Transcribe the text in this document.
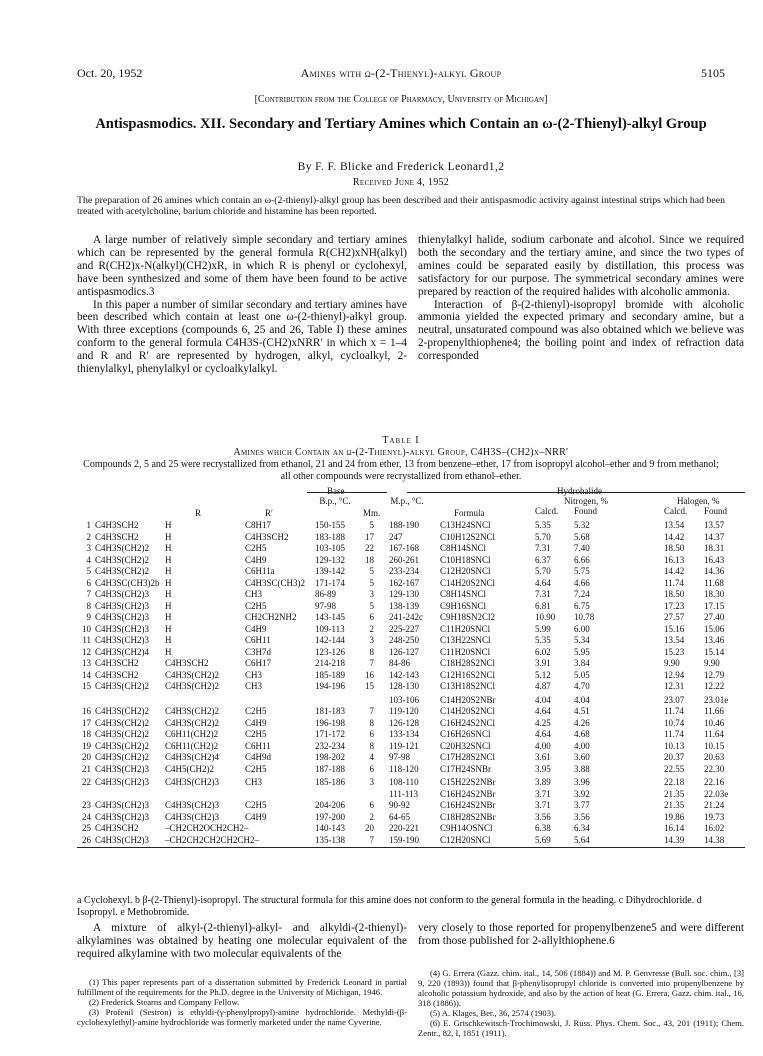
Oct. 20, 1952	Amines with ω-(2-Thienyl)-alkyl Group	5105
[Contribution from the College of Pharmacy, University of Michigan]
Antispasmodics. XII. Secondary and Tertiary Amines which Contain an ω-(2-Thienyl)-alkyl Group
By F. F. Blicke and Frederick Leonard1,2
Received June 4, 1952
The preparation of 26 amines which contain an ω-(2-thienyl)-alkyl group has been described and their antispasmodic activity against intestinal strips which had been treated with acetylcholine, barium chloride and histamine has been reported.

A large number of relatively simple secondary and tertiary amines which can be represented by the general formula R(CH2)xNH(alkyl) and R(CH2)x-N(alkyl)(CH2)xR, in which R is phenyl or cyclohexyl, have been synthesized and some of them have been found to be active antispasmodics.3

In this paper a number of similar secondary and tertiary amines have been described which contain at least one ω-(2-thienyl)-alkyl group. With three exceptions (compounds 6, 25 and 26, Table I) these amines conform to the general formula C4H3S-(CH2)xNRR′ in which x = 1–4 and R and R′ are represented by hydrogen, alkyl, cycloalkyl, 2-thienylalkyl, phenylalkyl or cycloalkylalkyl.

thienylalkyl halide, sodium carbonate and alcohol. Since we required both the secondary and the tertiary amine, and since the two types of amines could be separated easily by distillation, this process was satisfactory for our purpose. The symmetrical secondary amines were prepared by reaction of the required halides with alcoholic ammonia.

Interaction of β-(2-thienyl)-isopropyl bromide with alcoholic ammonia yielded the expected primary and secondary amine, but a neutral, unsaturated compound was also obtained which we believe was 2-propenylthiophene4; the boiling point and index of refraction data corresponded

Table I
Amines which Contain an ω-(2-Thienyl)-alkyl Group, C4H3S–(CH2)x–NRR′
Compounds 2, 5 and 25 were recrystallized from ethanol, 21 and 24 from ether, 13 from benzene–ether, 17 from isopropyl alcohol–ether and 9 from methanol; all other compounds were recrystallized from ethanol–ether.
Base	Hydrohalide
Nitrogen, %	Halogen, %
R	R′
B.p., °C.
Mm.
M.p., °C.
Formula	Calcd. Found	Calcd. Found
1 C4H3SCH2	H	C8H17	150-155	5 188-190 C13H24SNCl	5.35	5.32	13.54 13.57
2 C4H3SCH2	H	C4H3SCH2	183-188	17 247	C10H12S2NCl	5.70	5.68	14.42 14.37
3 C4H3S(CH2)2 H	C2H5	103-105	22 167-168 C8H14SNCl	7.31	7.40	18.50 18.31
4 C4H3S(CH2)2 H	C4H9	129-132	18 260-261 C10H18SNCl	6.37	6.66	16.13 16.43
5 C4H3S(CH2)2 H	C6H11a	139-142	5 233-234 C12H20SNCl	5.70	5.75	14.42 14.36
6 C4H3SC(CH3)2b H	C4H3SC(CH3)2 171-174	5 162-167 C14H20S2NCl	4.64	4.66	11.74 11.68
7 C4H3S(CH2)3 H	CH3	86-89	3 129-130 C8H14SNCl	7.31	7.24	18.50 18.30
8 C4H3S(CH2)3 H	C2H5	97-98	5 138-139 C9H16SNCl	6.81	6.75	17.23 17.15
9 C4H3S(CH2)3 H	CH2CH2NH2 143-145	6 241-242c C9H18SN2Cl2	10.90 10.78	27.57 27.40
10 C4H3S(CH2)3 H	C4H9	109-113	2 225-227 C11H20SNCl	5.99	6.00	15.16 15.06
11 C4H3S(CH2)3 H	C6H11	142-144	3 248-250 C13H22SNCl	5.35	5.34	13.54 13.46
12 C4H3S(CH2)4 H	C3H7d	123-126	8 126-127 C11H20SNCl	6.02	5.95	15.23 15.14
13 C4H3SCH2	C4H3SCH2	C6H17	214-218	7 84-86	C18H28S2NCl	3.91	3.84	9.90	9.90
14 C4H3SCH2	C4H3S(CH2)2	CH3	185-189	16 142-143 C12H16S2NCl	5.12	5.05	12.94 12.79
15 C4H3S(CH2)2 C4H3S(CH2)2	CH3	194-196	15 128-130 C13H18S2NCl	4.87	4.70	12.31 12.22
103-106 C14H20S2NBr	4.04	4.04	23.07 23.01e
16 C4H3S(CH2)2 C4H3S(CH2)2	C2H5	181-183	7 119-120 C14H20S2NCl	4.64	4.51	11.74 11.66
17 C4H3S(CH2)2 C4H3S(CH2)2	C4H9	196-198	8 126-128 C16H24S2NCl	4.25	4.26	10.74 10.46
18 C4H3S(CH2)2 C6H11(CH2)2	C2H5	171-172	6 133-134 C16H26SNCl	4.64	4.68	11.74 11.64
19 C4H3S(CH2)2 C6H11(CH2)2	C6H11	232-234	8 119-121 C20H32SNCl	4.00	4.00	10.13 10.15
20 C4H3S(CH2)2 C4H3S(CH2)4	C4H9d	198-202	4 97-98	C17H28S2NCl	3.61	3.60	20.37 20.63
21 C4H3S(CH2)3 C4H5(CH2)2	C2H5	187-188	6 118-120 C17H24SNBr	3.95	3.88	22.55 22.30
22 C4H3S(CH2)3 C4H3S(CH2)3	CH3	185-186	3 108-110 C15H22S2NBr	3.89	3.96	22.18 22.16
111-113 C16H24S2NBr	3.71	3.92	21.35 22.03e
23 C4H3S(CH2)3 C4H3S(CH2)3	C2H5	204-206	6 90-92	C16H24S2NBr	3.71	3.77	21.35 21.24
24 C4H3S(CH2)3 C4H3S(CH2)3	C4H9	197-200	2 64-65	C18H28S2NBr	3.56	3.56	19.86 19.73
25 C4H3SCH2	–CH2CH2OCH2CH2–	140-143	20 220-221 C9H14OSNCl	6.38	6.34	16.14 16.02
26 C4H3S(CH2)3 –CH2CH2CH2CH2CH2–	135-138	7 159-190 C12H20SNCl	5.69	5.64	14.39 14.38
a Cyclohexyl. b β-(2-Thienyl)-isopropyl. The structural formula for this amine does not conform to the general formula in the heading. c Dihydrochloride. d Isopropyl. e Methobromide.

A mixture of alkyl-(2-thienyl)-alkyl- and alkyldi-(2-thienyl)-alkylamines was obtained by heating one molecular equivalent of the required alkylamine with two molecular equivalents of the

(1) This paper represents part of a dissertation submitted by Frederick Leonard in partial fulfillment of the requirements for the Ph.D. degree in the University of Michigan, 1946.

(2) Frederick Stearns and Company Fellow.

(3) Profenil (Sestron) is ethyldi-(γ-phenylpropyl)-amine hydrochloride. Methyldi-(β-cyclohexylethyl)-amine hydrochloride was formerly marketed under the name Cyverine.

very closely to those reported for propenylbenzene5 and were different from those published for 2-allylthiophene.6

(4) G. Errera (Gazz. chim. ital., 14, 506 (1884)) and M. P. Genvresse (Bull. soc. chim., [3] 9, 220 (1893)) found that β-phenylisopropyl chloride is converted into propenylbenzene by alcoholic potassium hydroxide, and also by the action of heat (G. Errera, Gazz. chim. ital., 16, 318 (1886)).

(5) A. Klages, Ber., 36, 2574 (1903).

(6) E. Grischkewitsch-Trochimowski, J. Russ. Phys. Chem. Soc., 43, 201 (1911); Chem. Zentr., 82, I, 1851 (1911).
